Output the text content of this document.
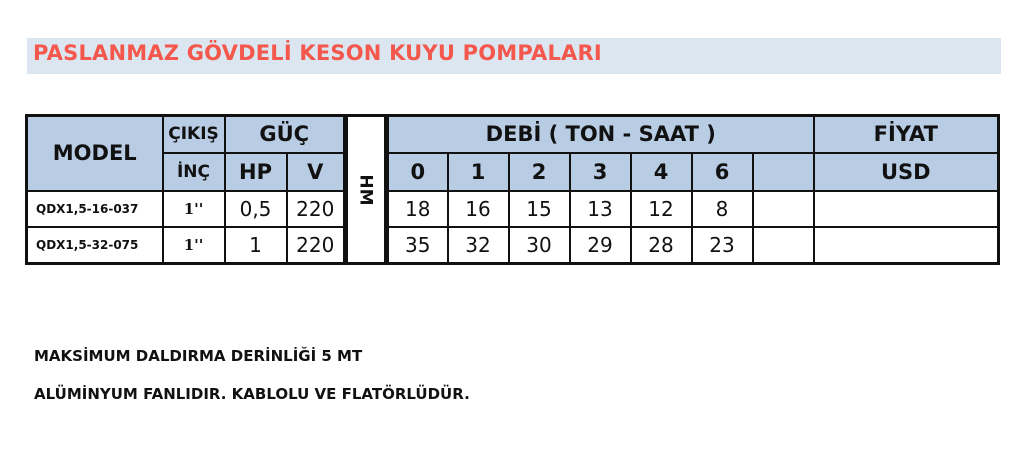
PASLANMAZ GÖVDELİ KESON KUYU POMPALARI
MODEL	ÇIKIŞ	GÜÇ		HM	DEBİ ( TON - SAAT )							FİYAT
	İNÇ	HP	V		0	1	2	3	4	6		USD
QDX1,5-16-037	1''	0,5	220		18	16	15	13	12	8		
QDX1,5-32-075	1''	1	220		35	32	30	29	28	23		
MAKSİMUM DALDIRMA DERİNLİĞİ 5 MT
ALÜMİNYUM FANLIDIR. KABLOLU VE FLATÖRLÜDÜR.
